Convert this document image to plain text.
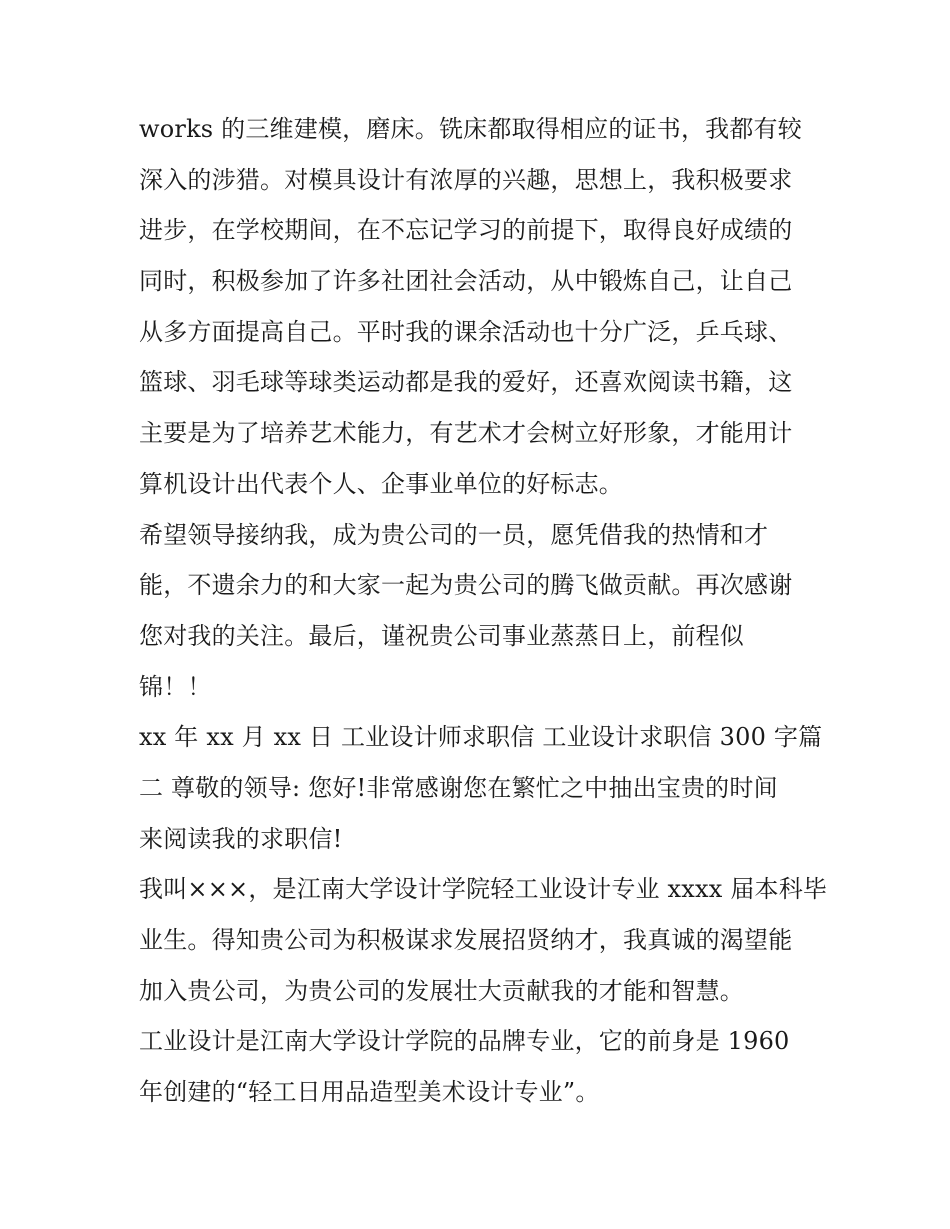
works 的三维建模，磨床。铣床都取得相应的证书，我都有较
深入的涉猎。对模具设计有浓厚的兴趣，思想上，我积极要求
进步，在学校期间，在不忘记学习的前提下，取得良好成绩的
同时，积极参加了许多社团社会活动，从中锻炼自己，让自己
从多方面提高自己。平时我的课余活动也十分广泛，乒乓球、
篮球、羽毛球等球类运动都是我的爱好，还喜欢阅读书籍，这
主要是为了培养艺术能力，有艺术才会树立好形象，才能用计
算机设计出代表个人、企事业单位的好标志。
希望领导接纳我，成为贵公司的一员，愿凭借我的热情和才
能，不遗余力的和大家一起为贵公司的腾飞做贡献。再次感谢
您对我的关注。最后，谨祝贵公司事业蒸蒸日上，前程似
锦！！
xx 年 xx 月 xx 日 工业设计师求职信 工业设计求职信 300 字篇
二 尊敬的领导: 您好!非常感谢您在繁忙之中抽出宝贵的时间
来阅读我的求职信!
我叫×××，是江南大学设计学院轻工业设计专业 xxxx 届本科毕
业生。得知贵公司为积极谋求发展招贤纳才，我真诚的渴望能
加入贵公司，为贵公司的发展壮大贡献我的才能和智慧。
工业设计是江南大学设计学院的品牌专业，它的前身是 1960
年创建的“轻工日用品造型美术设计专业”。
